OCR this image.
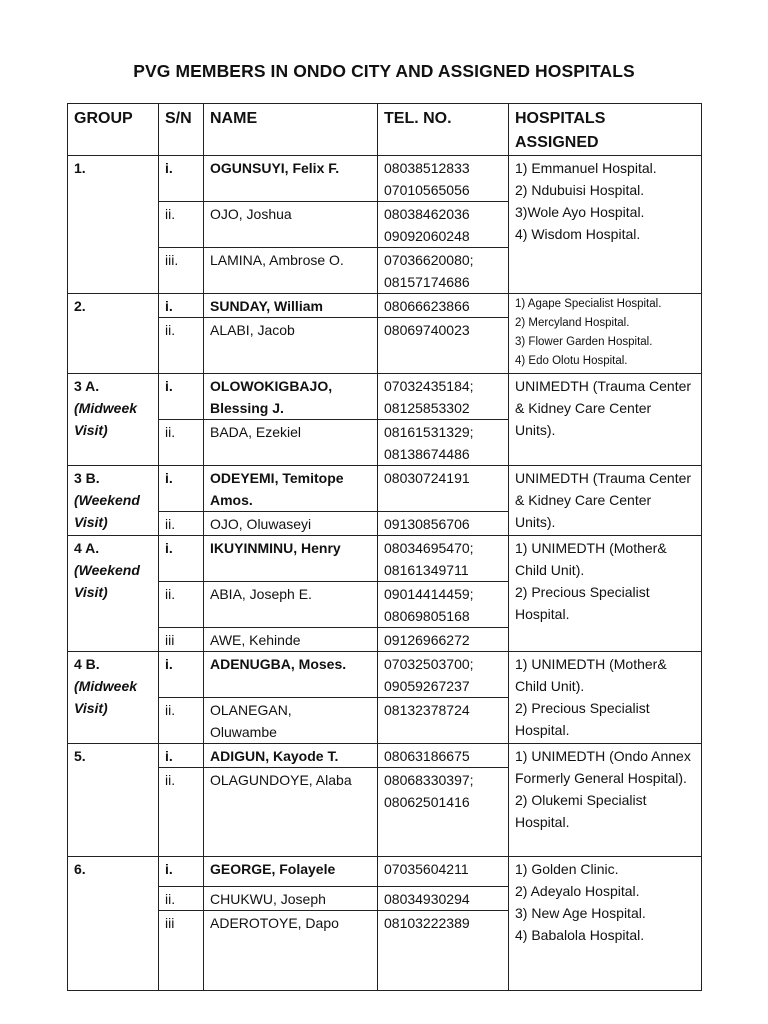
PVG MEMBERS IN ONDO CITY AND ASSIGNED HOSPITALS
GROUP	S/N	NAME	TEL. NO.	HOSPITALS
ASSIGNED

1.	i.	OGUNSUYI, Felix F.	08038512833
07010565056	1) Emmanuel Hospital.
2) Ndubuisi Hospital.
3)Wole Ayo Hospital.
4) Wisdom Hospital.

	ii.	OJO, Joshua	08038462036
09092060248	

	iii.	LAMINA, Ambrose O.	07036620080;
08157174686	

2.	i.	SUNDAY, William	08066623866	1) Agape Specialist Hospital.
2) Mercyland Hospital.
3) Flower Garden Hospital.
4) Edo Olotu Hospital.

	ii.	ALABI, Jacob	08069740023	

3 A.
(Midweek
Visit)	i.	OLOWOKIGBAJO,
Blessing J.	07032435184;
08125853302	UNIMEDTH (Trauma Center & Kidney Care Center Units).

	ii.	BADA, Ezekiel	08161531329;
08138674486	

3 B.
(Weekend
Visit)	i.	ODEYEMI, Temitope
Amos.	08030724191	UNIMEDTH (Trauma Center & Kidney Care Center Units).

	ii.	OJO, Oluwaseyi	09130856706	

4 A.
(Weekend
Visit)	i.	IKUYINMINU, Henry	08034695470;
08161349711	1) UNIMEDTH (Mother& Child Unit).
2) Precious Specialist Hospital.

	ii.	ABIA, Joseph E.	09014414459;
08069805168	

	iii	AWE, Kehinde	09126966272	

4 B.
(Midweek
Visit)	i.	ADENUGBA, Moses.	07032503700;
09059267237	1) UNIMEDTH (Mother& Child Unit).
2) Precious Specialist Hospital.

	ii.	OLANEGAN,
Oluwambe	08132378724	
5.	i.	ADIGUN, Kayode T.	08063186675	1) UNIMEDTH (Ondo Annex Formerly General Hospital).
2) Olukemi Specialist Hospital.

	ii.	OLAGUNDOYE, Alaba	08068330397;
08062501416	

6.	i.	GEORGE, Folayele	07035604211	1) Golden Clinic.
2) Adeyalo Hospital.
3) New Age Hospital.
4) Babalola Hospital.

	ii.	CHUKWU, Joseph	08034930294	
	iii	ADEROTOYE, Dapo	08103222389	
